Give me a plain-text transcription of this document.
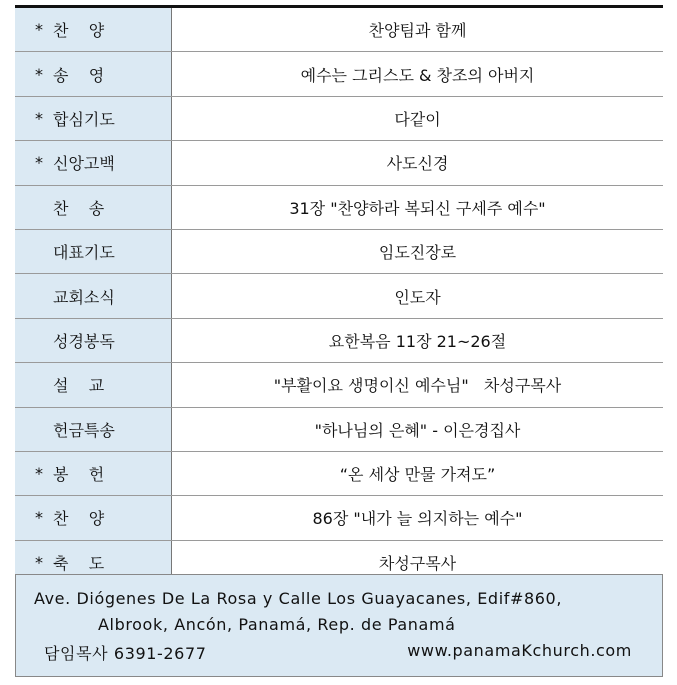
* 찬    양	찬양팀과 함께
* 송    영	예수는 그리스도 & 창조의 아버지
* 합심기도	다같이
* 신앙고백	사도신경
찬    송	31장 "찬양하라 복되신 구세주 예수"
대표기도	임도진장로
교회소식	인도자
성경봉독	요한복음 11장 21~26절
설    교	"부활이요 생명이신 예수님"   차성구목사
헌금특송	"하나님의 은혜" - 이은경집사
* 봉    헌	“온 세상 만물 가져도”
* 찬    양	86장 "내가 늘 의지하는 예수"
* 축    도	차성구목사
Ave. Diógenes De La Rosa y Calle Los Guayacanes, Edif#860,
Albrook, Ancón, Panamá, Rep. de Panamá
담임목사 6391-2677	www.panamaKchurch.com
